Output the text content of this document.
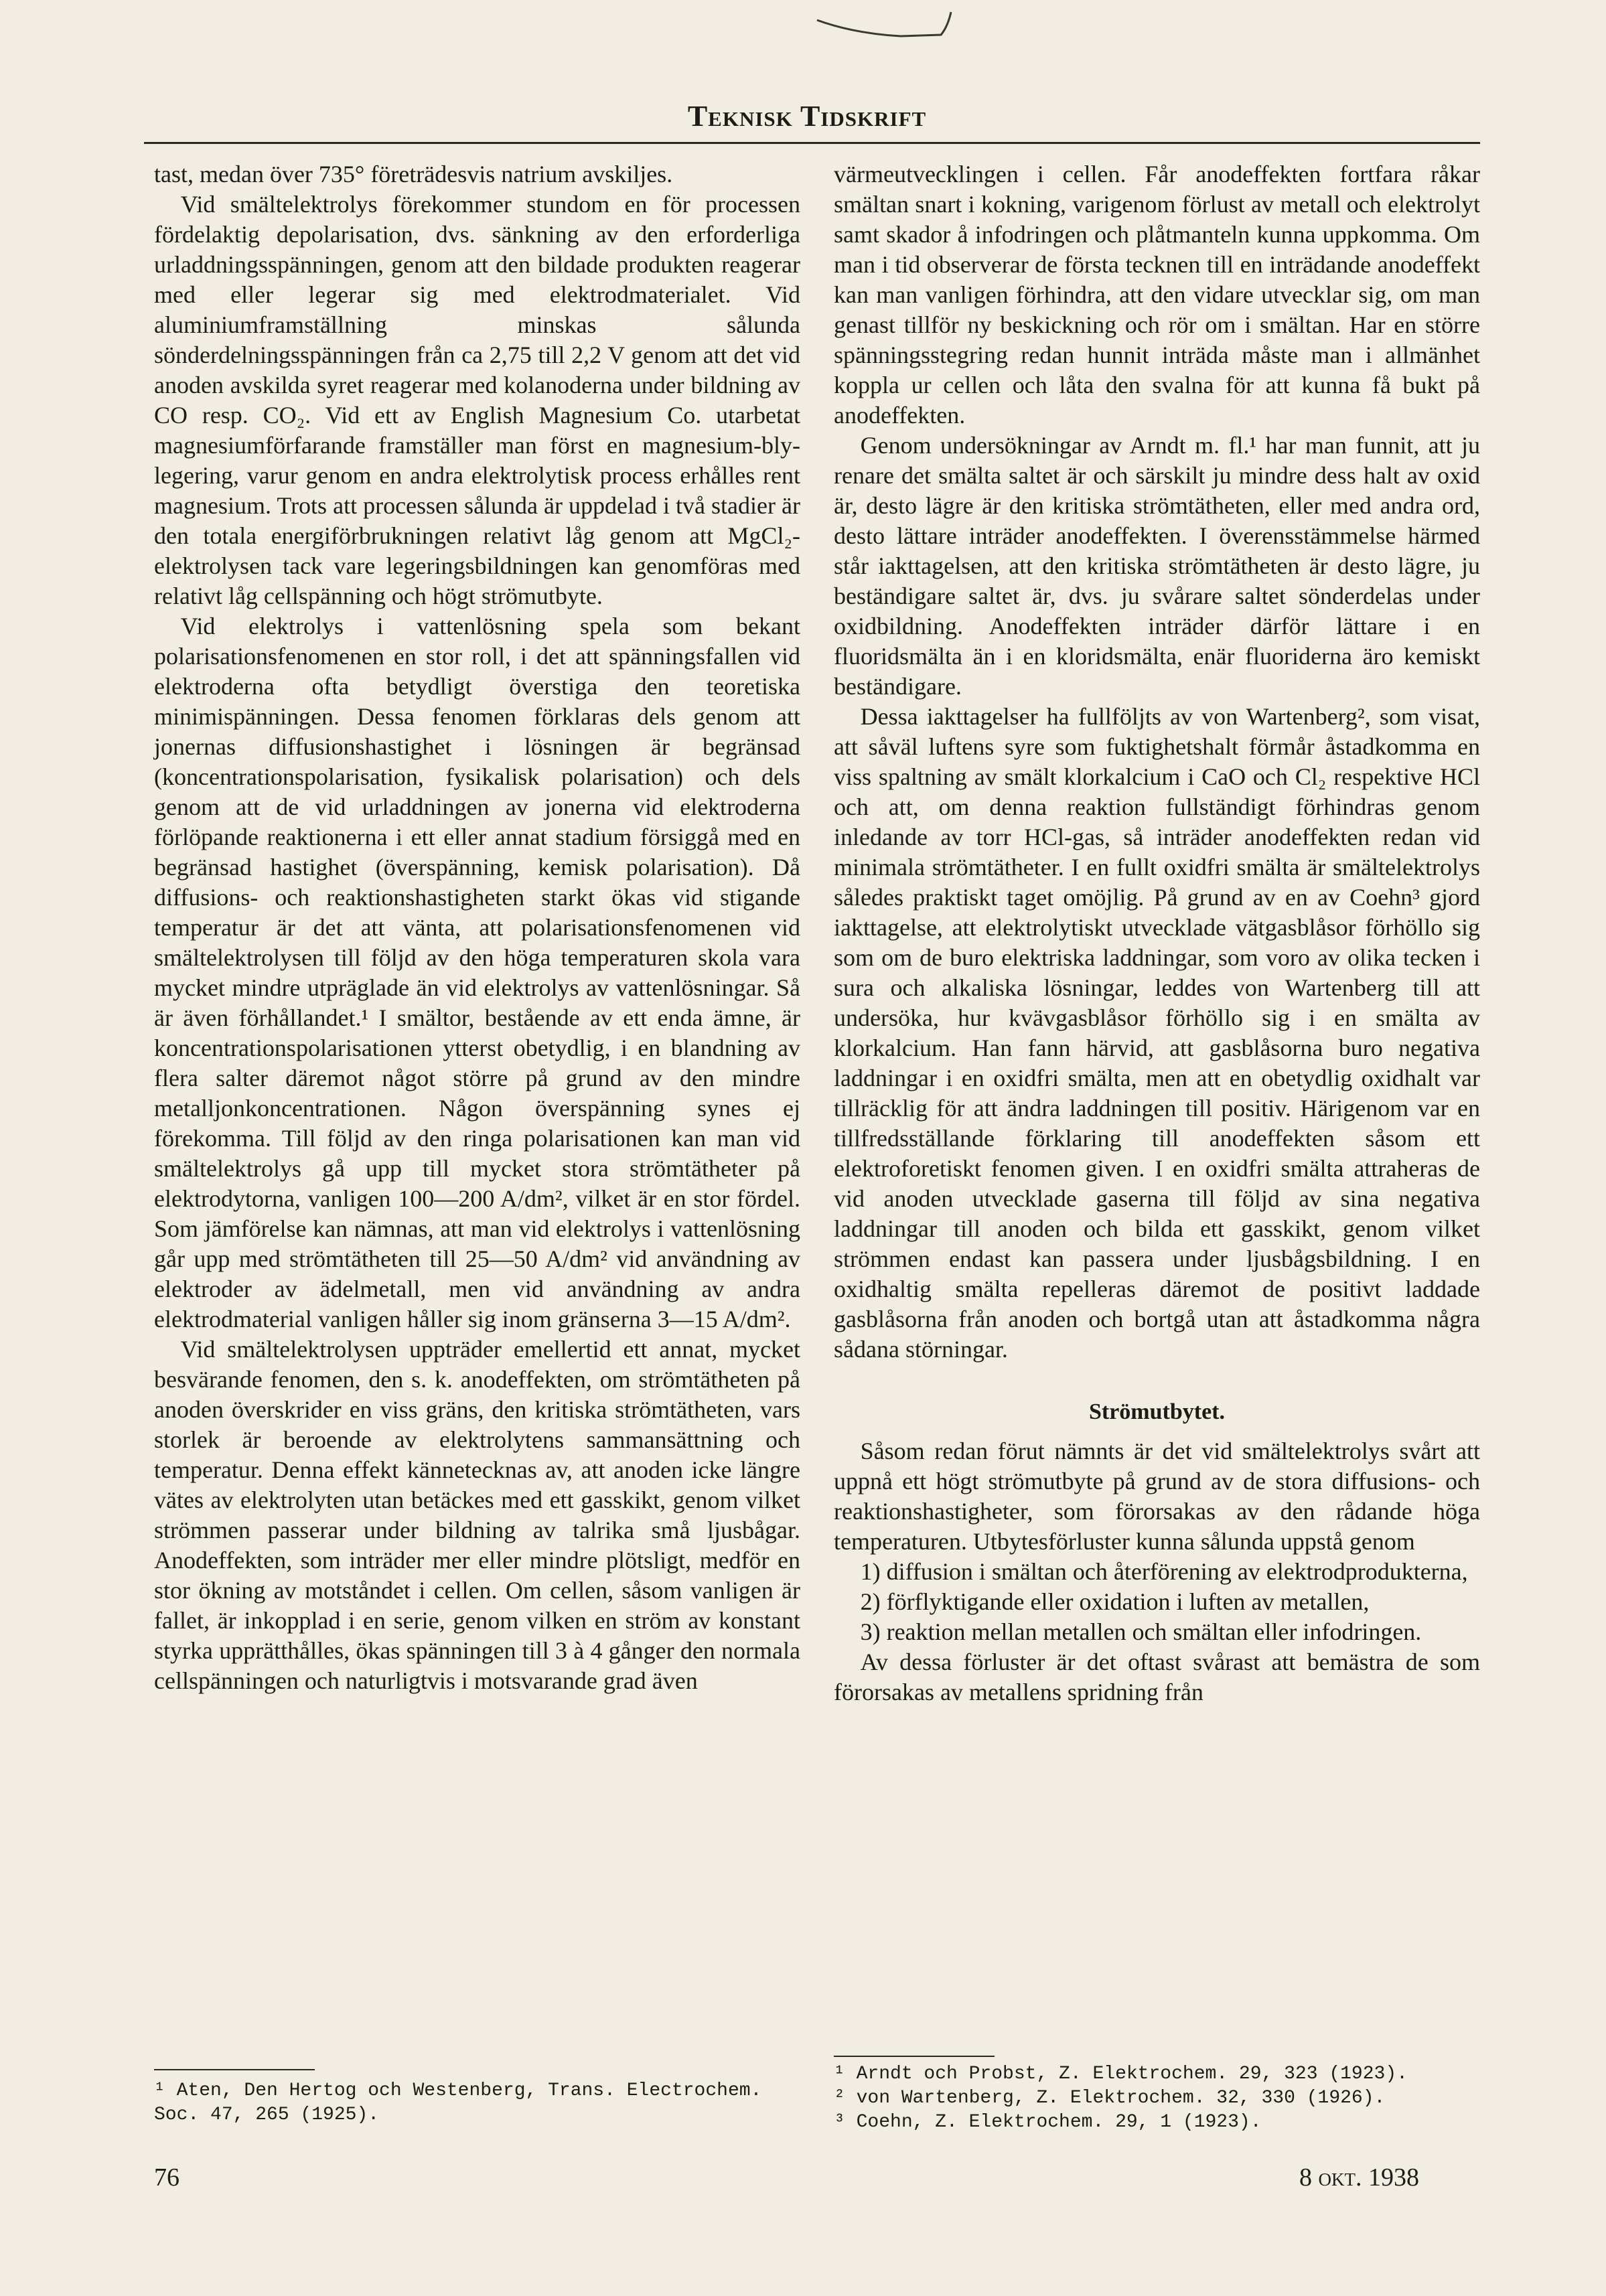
Teknisk Tidskrift

tast, medan över 735° företrädesvis natrium avskiljes.

Vid smältelektrolys förekommer stundom en för processen fördelaktig depolarisation, dvs. sänkning av den erforderliga urladdningsspänningen, genom att den bildade produkten reagerar med eller legerar sig med elektrodmaterialet. Vid aluminiumframställning minskas sålunda sönderdelningsspänningen från ca 2,75 till 2,2 V genom att det vid anoden avskilda syret reagerar med kolanoderna under bildning av CO resp. CO₂. Vid ett av English Magnesium Co. utarbetat magnesiumförfarande framställer man först en magnesium-bly-legering, varur genom en andra elektrolytisk process erhålles rent magnesium. Trots att processen sålunda är uppdelad i två stadier är den totala energiförbrukningen relativt låg genom att MgCl₂-elektrolysen tack vare legeringsbildningen kan genomföras med relativt låg cellspänning och högt strömutbyte.

Vid elektrolys i vattenlösning spela som bekant polarisationsfenomenen en stor roll, i det att spänningsfallen vid elektroderna ofta betydligt överstiga den teoretiska minimispänningen. Dessa fenomen förklaras dels genom att jonernas diffusionshastighet i lösningen är begränsad (koncentrationspolarisation, fysikalisk polarisation) och dels genom att de vid urladdningen av jonerna vid elektroderna förlöpande reaktionerna i ett eller annat stadium försiggå med en begränsad hastighet (överspänning, kemisk polarisation). Då diffusions- och reaktionshastigheten starkt ökas vid stigande temperatur är det att vänta, att polarisationsfenomenen vid smältelektrolysen till följd av den höga temperaturen skola vara mycket mindre utpräglade än vid elektrolys av vattenlösningar. Så är även förhållandet.¹ I smältor, bestående av ett enda ämne, är koncentrationspolarisationen ytterst obetydlig, i en blandning av flera salter däremot något större på grund av den mindre metalljonkoncentrationen. Någon överspänning synes ej förekomma. Till följd av den ringa polarisationen kan man vid smältelektrolys gå upp till mycket stora strömtätheter på elektrodytorna, vanligen 100—200 A/dm², vilket är en stor fördel. Som jämförelse kan nämnas, att man vid elektrolys i vattenlösning går upp med strömtätheten till 25—50 A/dm² vid användning av elektroder av ädelmetall, men vid användning av andra elektrodmaterial vanligen håller sig inom gränserna 3—15 A/dm².

Vid smältelektrolysen uppträder emellertid ett annat, mycket besvärande fenomen, den s. k. anodeffekten, om strömtätheten på anoden överskrider en viss gräns, den kritiska strömtätheten, vars storlek är beroende av elektrolytens sammansättning och temperatur. Denna effekt kännetecknas av, att anoden icke längre vätes av elektrolyten utan betäckes med ett gasskikt, genom vilket strömmen passerar under bildning av talrika små ljusbågar. Anodeffekten, som inträder mer eller mindre plötsligt, medför en stor ökning av motståndet i cellen. Om cellen, såsom vanligen är fallet, är inkopplad i en serie, genom vilken en ström av konstant styrka upprätthålles, ökas spänningen till 3 à 4 gånger den normala cellspänningen och naturligtvis i motsvarande grad även

värmeutvecklingen i cellen. Får anodeffekten fortfara råkar smältan snart i kokning, varigenom förlust av metall och elektrolyt samt skador å infodringen och plåtmanteln kunna uppkomma. Om man i tid observerar de första tecknen till en inträdande anodeffekt kan man vanligen förhindra, att den vidare utvecklar sig, om man genast tillför ny beskickning och rör om i smältan. Har en större spänningsstegring redan hunnit inträda måste man i allmänhet koppla ur cellen och låta den svalna för att kunna få bukt på anodeffekten.

Genom undersökningar av Arndt m. fl.¹ har man funnit, att ju renare det smälta saltet är och särskilt ju mindre dess halt av oxid är, desto lägre är den kritiska strömtätheten, eller med andra ord, desto lättare inträder anodeffekten. I överensstämmelse härmed står iakttagelsen, att den kritiska strömtätheten är desto lägre, ju beständigare saltet är, dvs. ju svårare saltet sönderdelas under oxidbildning. Anodeffekten inträder därför lättare i en fluoridsmälta än i en kloridsmälta, enär fluoriderna äro kemiskt beständigare.

Dessa iakttagelser ha fullföljts av von Wartenberg², som visat, att såväl luftens syre som fuktighetshalt förmår åstadkomma en viss spaltning av smält klorkalcium i CaO och Cl₂ respektive HCl och att, om denna reaktion fullständigt förhindras genom inledande av torr HCl-gas, så inträder anodeffekten redan vid minimala strömtätheter. I en fullt oxidfri smälta är smältelektrolys således praktiskt taget omöjlig. På grund av en av Coehn³ gjord iakttagelse, att elektrolytiskt utvecklade vätgasblåsor förhöllo sig som om de buro elektriska laddningar, som voro av olika tecken i sura och alkaliska lösningar, leddes von Wartenberg till att undersöka, hur kvävgasblåsor förhöllo sig i en smälta av klorkalcium. Han fann härvid, att gasblåsorna buro negativa laddningar i en oxidfri smälta, men att en obetydlig oxidhalt var tillräcklig för att ändra laddningen till positiv. Härigenom var en tillfredsställande förklaring till anodeffekten såsom ett elektroforetiskt fenomen given. I en oxidfri smälta attraheras de vid anoden utvecklade gaserna till följd av sina negativa laddningar till anoden och bilda ett gasskikt, genom vilket strömmen endast kan passera under ljusbågsbildning. I en oxidhaltig smälta repelleras däremot de positivt laddade gasblåsorna från anoden och bortgå utan att åstadkomma några sådana störningar.

Strömutbytet.

Såsom redan förut nämnts är det vid smältelektrolys svårt att uppnå ett högt strömutbyte på grund av de stora diffusions- och reaktionshastigheter, som förorsakas av den rådande höga temperaturen. Utbytesförluster kunna sålunda uppstå genom

1) diffusion i smältan och återförening av elektrodprodukterna,

2) förflyktigande eller oxidation i luften av metallen,

3) reaktion mellan metallen och smältan eller infodringen.

Av dessa förluster är det oftast svårast att bemästra de som förorsakas av metallens spridning från

¹ Aten, Den Hertog och Westenberg, Trans. Electrochem. Soc. 47, 265 (1925).

¹ Arndt och Probst, Z. Elektrochem. 29, 323 (1923).

² von Wartenberg, Z. Elektrochem. 32, 330 (1926).

³ Coehn, Z. Elektrochem. 29, 1 (1923).

76	8 okt. 1938
